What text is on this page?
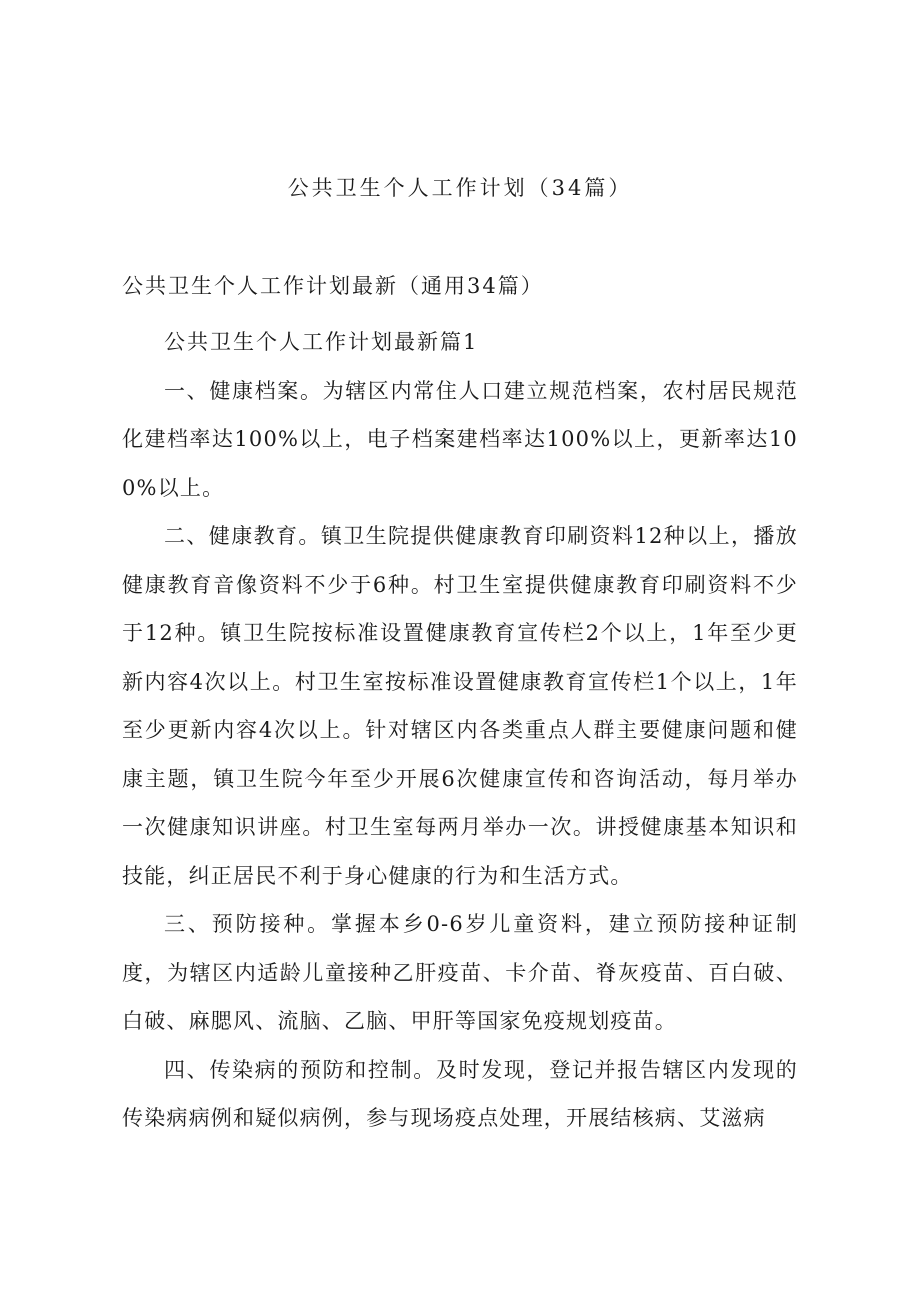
公共卫生个人工作计划（34篇）

公共卫生个人工作计划最新（通用34篇）

公共卫生个人工作计划最新篇1

一、健康档案。为辖区内常住人口建立规范档案，农村居民规范化建档率达100%以上，电子档案建档率达100%以上，更新率达100%以上。

二、健康教育。镇卫生院提供健康教育印刷资料12种以上，播放健康教育音像资料不少于6种。村卫生室提供健康教育印刷资料不少于12种。镇卫生院按标准设置健康教育宣传栏2个以上，1年至少更新内容4次以上。村卫生室按标准设置健康教育宣传栏1个以上，1年至少更新内容4次以上。针对辖区内各类重点人群主要健康问题和健康主题，镇卫生院今年至少开展6次健康宣传和咨询活动，每月举办一次健康知识讲座。村卫生室每两月举办一次。讲授健康基本知识和技能，纠正居民不利于身心健康的行为和生活方式。

三、预防接种。掌握本乡0-6岁儿童资料，建立预防接种证制度，为辖区内适龄儿童接种乙肝疫苗、卡介苗、脊灰疫苗、百白破、白破、麻腮风、流脑、乙脑、甲肝等国家免疫规划疫苗。

四、传染病的预防和控制。及时发现，登记并报告辖区内发现的传染病病例和疑似病例，参与现场疫点处理，开展结核病、艾滋病
